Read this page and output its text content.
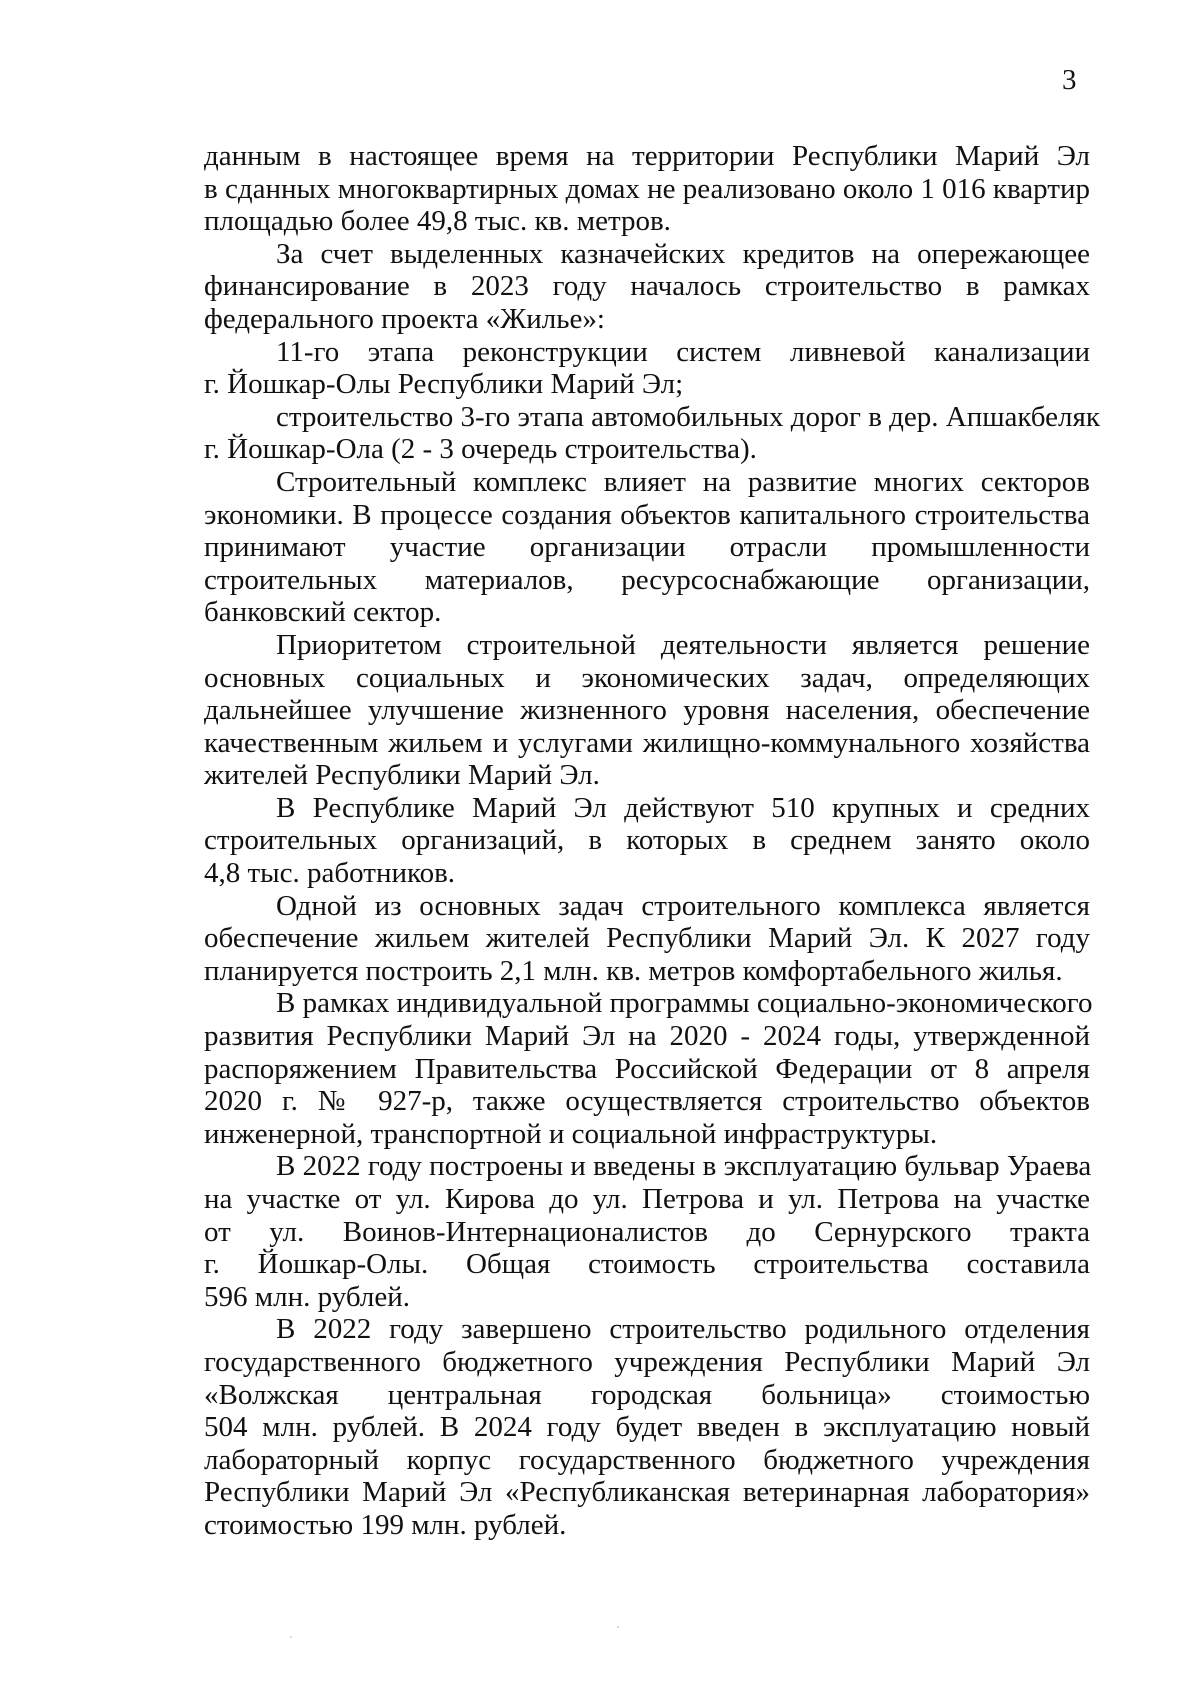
3

данным в настоящее время на территории Республики Марий Эл
в сданных многоквартирных домах не реализовано около 1 016 квартир
площадью более 49,8 тыс. кв. метров.

За счет выделенных казначейских кредитов на опережающее
финансирование в 2023 году началось строительство в рамках
федерального проекта «Жилье»:

11-го этапа реконструкции систем ливневой канализации
г. Йошкар-Олы Республики Марий Эл;

строительство 3-го этапа автомобильных дорог в дер. Апшакбеляк
г. Йошкар-Ола (2 - 3 очередь строительства).

Строительный комплекс влияет на развитие многих секторов
экономики. В процессе создания объектов капитального строительства
принимают участие организации отрасли промышленности
строительных материалов, ресурсоснабжающие организации,
банковский сектор.

Приоритетом строительной деятельности является решение
основных социальных и экономических задач, определяющих
дальнейшее улучшение жизненного уровня населения, обеспечение
качественным жильем и услугами жилищно-коммунального хозяйства
жителей Республики Марий Эл.

В Республике Марий Эл действуют 510 крупных и средних
строительных организаций, в которых в среднем занято около
4,8 тыс. работников.

Одной из основных задач строительного комплекса является
обеспечение жильем жителей Республики Марий Эл. К 2027 году
планируется построить 2,1 млн. кв. метров комфортабельного жилья.

В рамках индивидуальной программы социально-экономического
развития Республики Марий Эл на 2020 - 2024 годы, утвержденной
распоряжением Правительства Российской Федерации от 8 апреля
2020 г. № 927-р, также осуществляется строительство объектов
инженерной, транспортной и социальной инфраструктуры.

В 2022 году построены и введены в эксплуатацию бульвар Ураева
на участке от ул. Кирова до ул. Петрова и ул. Петрова на участке
от ул. Воинов-Интернационалистов до Сернурского тракта
г. Йошкар-Олы. Общая стоимость строительства составила
596 млн. рублей.

В 2022 году завершено строительство родильного отделения
государственного бюджетного учреждения Республики Марий Эл
«Волжская центральная городская больница» стоимостью
504 млн. рублей. В 2024 году будет введен в эксплуатацию новый
лабораторный корпус государственного бюджетного учреждения
Республики Марий Эл «Республиканская ветеринарная лаборатория»
стоимостью 199 млн. рублей.
